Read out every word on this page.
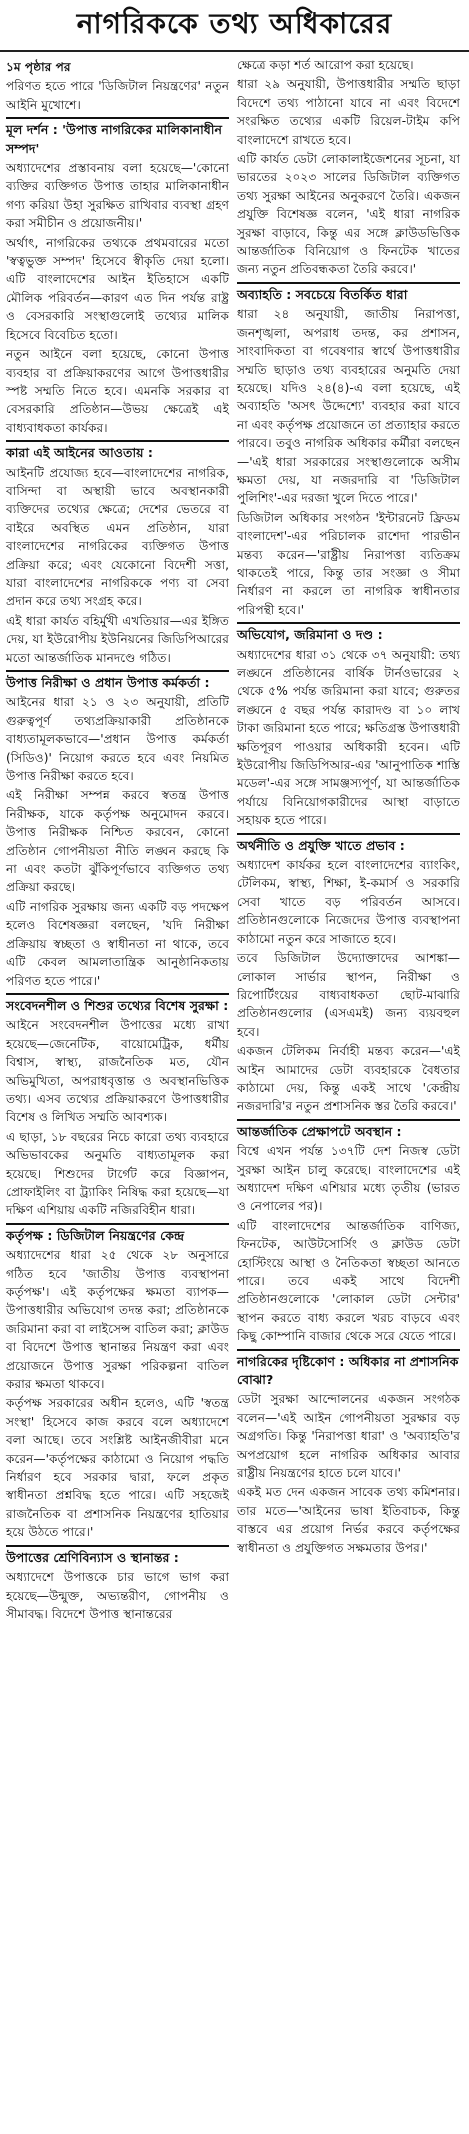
নাগরিককে তথ্য অধিকারের
১ম পৃষ্ঠার পর

পরিণত হতে পারে 'ডিজিটাল নিয়ন্ত্রণের' নতুন আইনি মুখোশে।

মূল দর্শন : 'উপাত্ত নাগরিকের মালিকানাধীন সম্পদ'

অধ্যাদেশের প্রস্তাবনায় বলা হয়েছে—'কোনো ব্যক্তির ব্যক্তিগত উপাত্ত তাহার মালিকানাধীন গণ্য করিয়া উহা সুরক্ষিত রাখিবার ব্যবস্থা গ্রহণ করা সমীচীন ও প্রয়োজনীয়।'

অর্থাৎ, নাগরিকের তথ্যকে প্রথমবারের মতো 'স্বত্বভুক্ত সম্পদ' হিসেবে স্বীকৃতি দেয়া হলো। এটি বাংলাদেশের আইন ইতিহাসে একটি মৌলিক পরিবর্তন—কারণ এত দিন পর্যন্ত রাষ্ট্র ও বেসরকারি সংস্থাগুলোই তথ্যের মালিক হিসেবে বিবেচিত হতো।

নতুন আইনে বলা হয়েছে, কোনো উপাত্ত ব্যবহার বা প্রক্রিয়াকরণের আগে উপাত্তধারীর স্পষ্ট সম্মতি নিতে হবে। এমনকি সরকার বা বেসরকারি প্রতিষ্ঠান—উভয় ক্ষেত্রেই এই বাধ্যবাধকতা কার্যকর।

কারা এই আইনের আওতায় :

আইনটি প্রযোজ্য হবে—বাংলাদেশের নাগরিক, বাসিন্দা বা অস্থায়ী ভাবে অবস্থানকারী ব্যক্তিদের তথ্যের ক্ষেত্রে; দেশের ভেতরে বা বাইরে অবস্থিত এমন প্রতিষ্ঠান, যারা বাংলাদেশের নাগরিকের ব্যক্তিগত উপাত্ত প্রক্রিয়া করে; এবং যেকোনো বিদেশী সত্তা, যারা বাংলাদেশের নাগরিককে পণ্য বা সেবা প্রদান করে তথ্য সংগ্রহ করে।

এই ধারা কার্যত বহির্মুখী এখতিয়ার—এর ইঙ্গিত দেয়, যা ইউরোপীয় ইউনিয়নের জিডিপিআরের মতো আন্তর্জাতিক মানদণ্ডে গঠিত।

উপাত্ত নিরীক্ষা ও প্রধান উপাত্ত কর্মকর্তা :

আইনের ধারা ২১ ও ২৩ অনুযায়ী, প্রতিটি গুরুত্বপূর্ণ তথ্যপ্রক্রিয়াকারী প্রতিষ্ঠানকে বাধ্যতামূলকভাবে—'প্রধান উপাত্ত কর্মকর্তা (সিডিও)' নিয়োগ করতে হবে এবং নিয়মিত উপাত্ত নিরীক্ষা করতে হবে।

এই নিরীক্ষা সম্পন্ন করবে স্বতন্ত্র উপাত্ত নিরীক্ষক, যাকে কর্তৃপক্ষ অনুমোদন করবে। উপাত্ত নিরীক্ষক নিশ্চিত করবেন, কোনো প্রতিষ্ঠান গোপনীয়তা নীতি লঙ্ঘন করছে কি না এবং কতটা ঝুঁকিপূর্ণভাবে ব্যক্তিগত তথ্য প্রক্রিয়া করছে।

এটি নাগরিক সুরক্ষায় জন্য একটি বড় পদক্ষেপ হলেও বিশেষজ্ঞরা বলছেন, 'যদি নিরীক্ষা প্রক্রিয়ায় স্বচ্ছতা ও স্বাধীনতা না থাকে, তবে এটি কেবল আমলাতান্ত্রিক আনুষ্ঠানিকতায় পরিণত হতে পারে।'

সংবেদনশীল ও শিশুর তথ্যের বিশেষ সুরক্ষা :

আইনে সংবেদনশীল উপাত্তের মধ্যে রাখা হয়েছে—জেনেটিক, বায়োমেট্রিক, ধর্মীয় বিশ্বাস, স্বাস্থ্য, রাজনৈতিক মত, যৌন অভিমুখিতা, অপরাধবৃত্তান্ত ও অবস্থানভিত্তিক তথ্য। এসব তথ্যের প্রক্রিয়াকরণে উপাত্তধারীর বিশেষ ও লিখিত সম্মতি আবশ্যক।

এ ছাড়া, ১৮ বছরের নিচে কারো তথ্য ব্যবহারে অভিভাবকের অনুমতি বাধ্যতামূলক করা হয়েছে। শিশুদের টার্গেট করে বিজ্ঞাপন, প্রোফাইলিং বা ট্র্যাকিং নিষিদ্ধ করা হয়েছে—যা দক্ষিণ এশিয়ায় একটি নজিরবিহীন ধারা।

কর্তৃপক্ষ : ডিজিটাল নিয়ন্ত্রণের কেন্দ্র

অধ্যাদেশের ধারা ২৫ থেকে ২৮ অনুসারে গঠিত হবে 'জাতীয় উপাত্ত ব্যবস্থাপনা কর্তৃপক্ষ'। এই কর্তৃপক্ষের ক্ষমতা ব্যাপক—উপাত্তধারীর অভিযোগ তদন্ত করা; প্রতিষ্ঠানকে জরিমানা করা বা লাইসেন্স বাতিল করা; ক্লাউড বা বিদেশে উপাত্ত স্থানান্তর নিয়ন্ত্রণ করা এবং প্রয়োজনে উপাত্ত সুরক্ষা পরিকল্পনা বাতিল করার ক্ষমতা থাকবে।

কর্তৃপক্ষ সরকারের অধীন হলেও, এটি 'স্বতন্ত্র সংস্থা' হিসেবে কাজ করবে বলে অধ্যাদেশে বলা আছে। তবে সংশ্লিষ্ট আইনজীবীরা মনে করেন—'কর্তৃপক্ষের কাঠামো ও নিয়োগ পদ্ধতি নির্ধারণ হবে সরকার দ্বারা, ফলে প্রকৃত স্বাধীনতা প্রশ্নবিদ্ধ হতে পারে। এটি সহজেই রাজনৈতিক বা প্রশাসনিক নিয়ন্ত্রণের হাতিয়ার হয়ে উঠতে পারে।'

উপাত্তের শ্রেণিবিন্যাস ও স্থানান্তর :

অধ্যাদেশে উপাত্তকে চার ভাগে ভাগ করা হয়েছে—উন্মুক্ত, অভ্যন্তরীণ, গোপনীয় ও সীমাবদ্ধ। বিদেশে উপাত্ত স্থানান্তরের

ক্ষেত্রে কড়া শর্ত আরোপ করা হয়েছে।

ধারা ২৯ অনুযায়ী, উপাত্তধারীর সম্মতি ছাড়া বিদেশে তথ্য পাঠানো যাবে না এবং বিদেশে সংরক্ষিত তথ্যের একটি রিয়েল-টাইম কপি বাংলাদেশে রাখতে হবে।

এটি কার্যত ডেটা লোকালাইজেশনের সূচনা, যা ভারতের ২০২৩ সালের ডিজিটাল ব্যক্তিগত তথ্য সুরক্ষা আইনের অনুকরণে তৈরি। একজন প্রযুক্তি বিশেষজ্ঞ বলেন, 'এই ধারা নাগরিক সুরক্ষা বাড়াবে, কিন্তু এর সঙ্গে ক্লাউডভিত্তিক আন্তর্জাতিক বিনিয়োগ ও ফিনটেক খাতের জন্য নতুন প্রতিবন্ধকতা তৈরি করবে।'

অব্যাহতি : সবচেয়ে বিতর্কিত ধারা

ধারা ২৪ অনুযায়ী, জাতীয় নিরাপত্তা, জনশৃঙ্খলা, অপরাধ তদন্ত, কর প্রশাসন, সাংবাদিকতা বা গবেষণার স্বার্থে উপাত্তধারীর সম্মতি ছাড়াও তথ্য ব্যবহারের অনুমতি দেয়া হয়েছে। যদিও ২৪(৪)-এ বলা হয়েছে, এই অব্যাহতি 'অসৎ উদ্দেশ্যে' ব্যবহার করা যাবে না এবং কর্তৃপক্ষ প্রয়োজনে তা প্রত্যাহার করতে পারবে। তবুও নাগরিক অধিকার কর্মীরা বলছেন—'এই ধারা সরকারের সংস্থাগুলোকে অসীম ক্ষমতা দেয়, যা নজরদারি বা 'ডিজিটাল পুলিশিং'-এর দরজা খুলে দিতে পারে।'

ডিজিটাল অধিকার সংগঠন 'ইন্টারনেট ফ্রিডম বাংলাদেশ'-এর পরিচালক রাশেদা পারভীন মন্তব্য করেন—'রাষ্ট্রীয় নিরাপত্তা ব্যতিক্রম থাকতেই পারে, কিন্তু তার সংজ্ঞা ও সীমা নির্ধারণ না করলে তা নাগরিক স্বাধীনতার পরিপন্থী হবে।'

অভিযোগ, জরিমানা ও দণ্ড :

অধ্যাদেশের ধারা ৩১ থেকে ৩৭ অনুযায়ী: তথ্য লঙ্ঘনে প্রতিষ্ঠানের বার্ষিক টার্নওভারের ২ থেকে ৫% পর্যন্ত জরিমানা করা যাবে; গুরুতর লঙ্ঘনে ৫ বছর পর্যন্ত কারাদণ্ড বা ১০ লাখ টাকা জরিমানা হতে পারে; ক্ষতিগ্রস্ত উপাত্তধারী ক্ষতিপূরণ পাওয়ার অধিকারী হবেন। এটি ইউরোপীয় জিডিপিআর-এর 'আনুপাতিক শাস্তি মডেল'-এর সঙ্গে সামঞ্জস্যপূর্ণ, যা আন্তর্জাতিক পর্যায়ে বিনিয়োগকারীদের আস্থা বাড়াতে সহায়ক হতে পারে।

অর্থনীতি ও প্রযুক্তি খাতে প্রভাব :

অধ্যাদেশ কার্যকর হলে বাংলাদেশের ব্যাংকিং, টেলিকম, স্বাস্থ্য, শিক্ষা, ই-কমার্স ও সরকারি সেবা খাতে বড় পরিবর্তন আসবে। প্রতিষ্ঠানগুলোকে নিজেদের উপাত্ত ব্যবস্থাপনা কাঠামো নতুন করে সাজাতে হবে।

তবে ডিজিটাল উদ্যোক্তাদের আশঙ্কা—লোকাল সার্ভার স্থাপন, নিরীক্ষা ও রিপোর্টিংয়ের বাধ্যবাধকতা ছোট-মাঝারি প্রতিষ্ঠানগুলোর (এসএমই) জন্য ব্যয়বহুল হবে।

একজন টেলিকম নির্বাহী মন্তব্য করেন—'এই আইন আমাদের ডেটা ব্যবহারকে বৈধতার কাঠামো দেয়, কিন্তু একই সাথে 'কেন্দ্রীয় নজরদারি'র নতুন প্রশাসনিক স্তর তৈরি করবে।'

আন্তর্জাতিক প্রেক্ষাপটে অবস্থান :

বিশ্বে এখন পর্যন্ত ১৩৭টি দেশ নিজস্ব ডেটা সুরক্ষা আইন চালু করেছে। বাংলাদেশের এই অধ্যাদেশ দক্ষিণ এশিয়ার মধ্যে তৃতীয় (ভারত ও নেপালের পর)।

এটি বাংলাদেশের আন্তর্জাতিক বাণিজ্য, ফিনটেক, আউটসোর্সিং ও ক্লাউড ডেটা হোস্টিংয়ে আস্থা ও নৈতিকতা স্বচ্ছতা আনতে পারে। তবে একই সাথে বিদেশী প্রতিষ্ঠানগুলোকে 'লোকাল ডেটা সেন্টার' স্থাপন করতে বাধ্য করলে খরচ বাড়বে এবং কিছু কোম্পানি বাজার থেকে সরে যেতে পারে।

নাগরিকের দৃষ্টিকোণ : অধিকার না প্রশাসনিক বোঝা?

ডেটা সুরক্ষা আন্দোলনের একজন সংগঠক বলেন—'এই আইন গোপনীয়তা সুরক্ষার বড় অগ্রগতি। কিন্তু 'নিরাপত্তা ধারা' ও 'অব্যাহতি'র অপপ্রয়োগ হলে নাগরিক অধিকার আবার রাষ্ট্রীয় নিয়ন্ত্রণের হাতে চলে যাবে।'

একই মত দেন একজন সাবেক তথ্য কমিশনার। তার মতে—'আইনের ভাষা ইতিবাচক, কিন্তু বাস্তবে এর প্রয়োগ নির্ভর করবে কর্তৃপক্ষের স্বাধীনতা ও প্রযুক্তিগত সক্ষমতার উপর।'
